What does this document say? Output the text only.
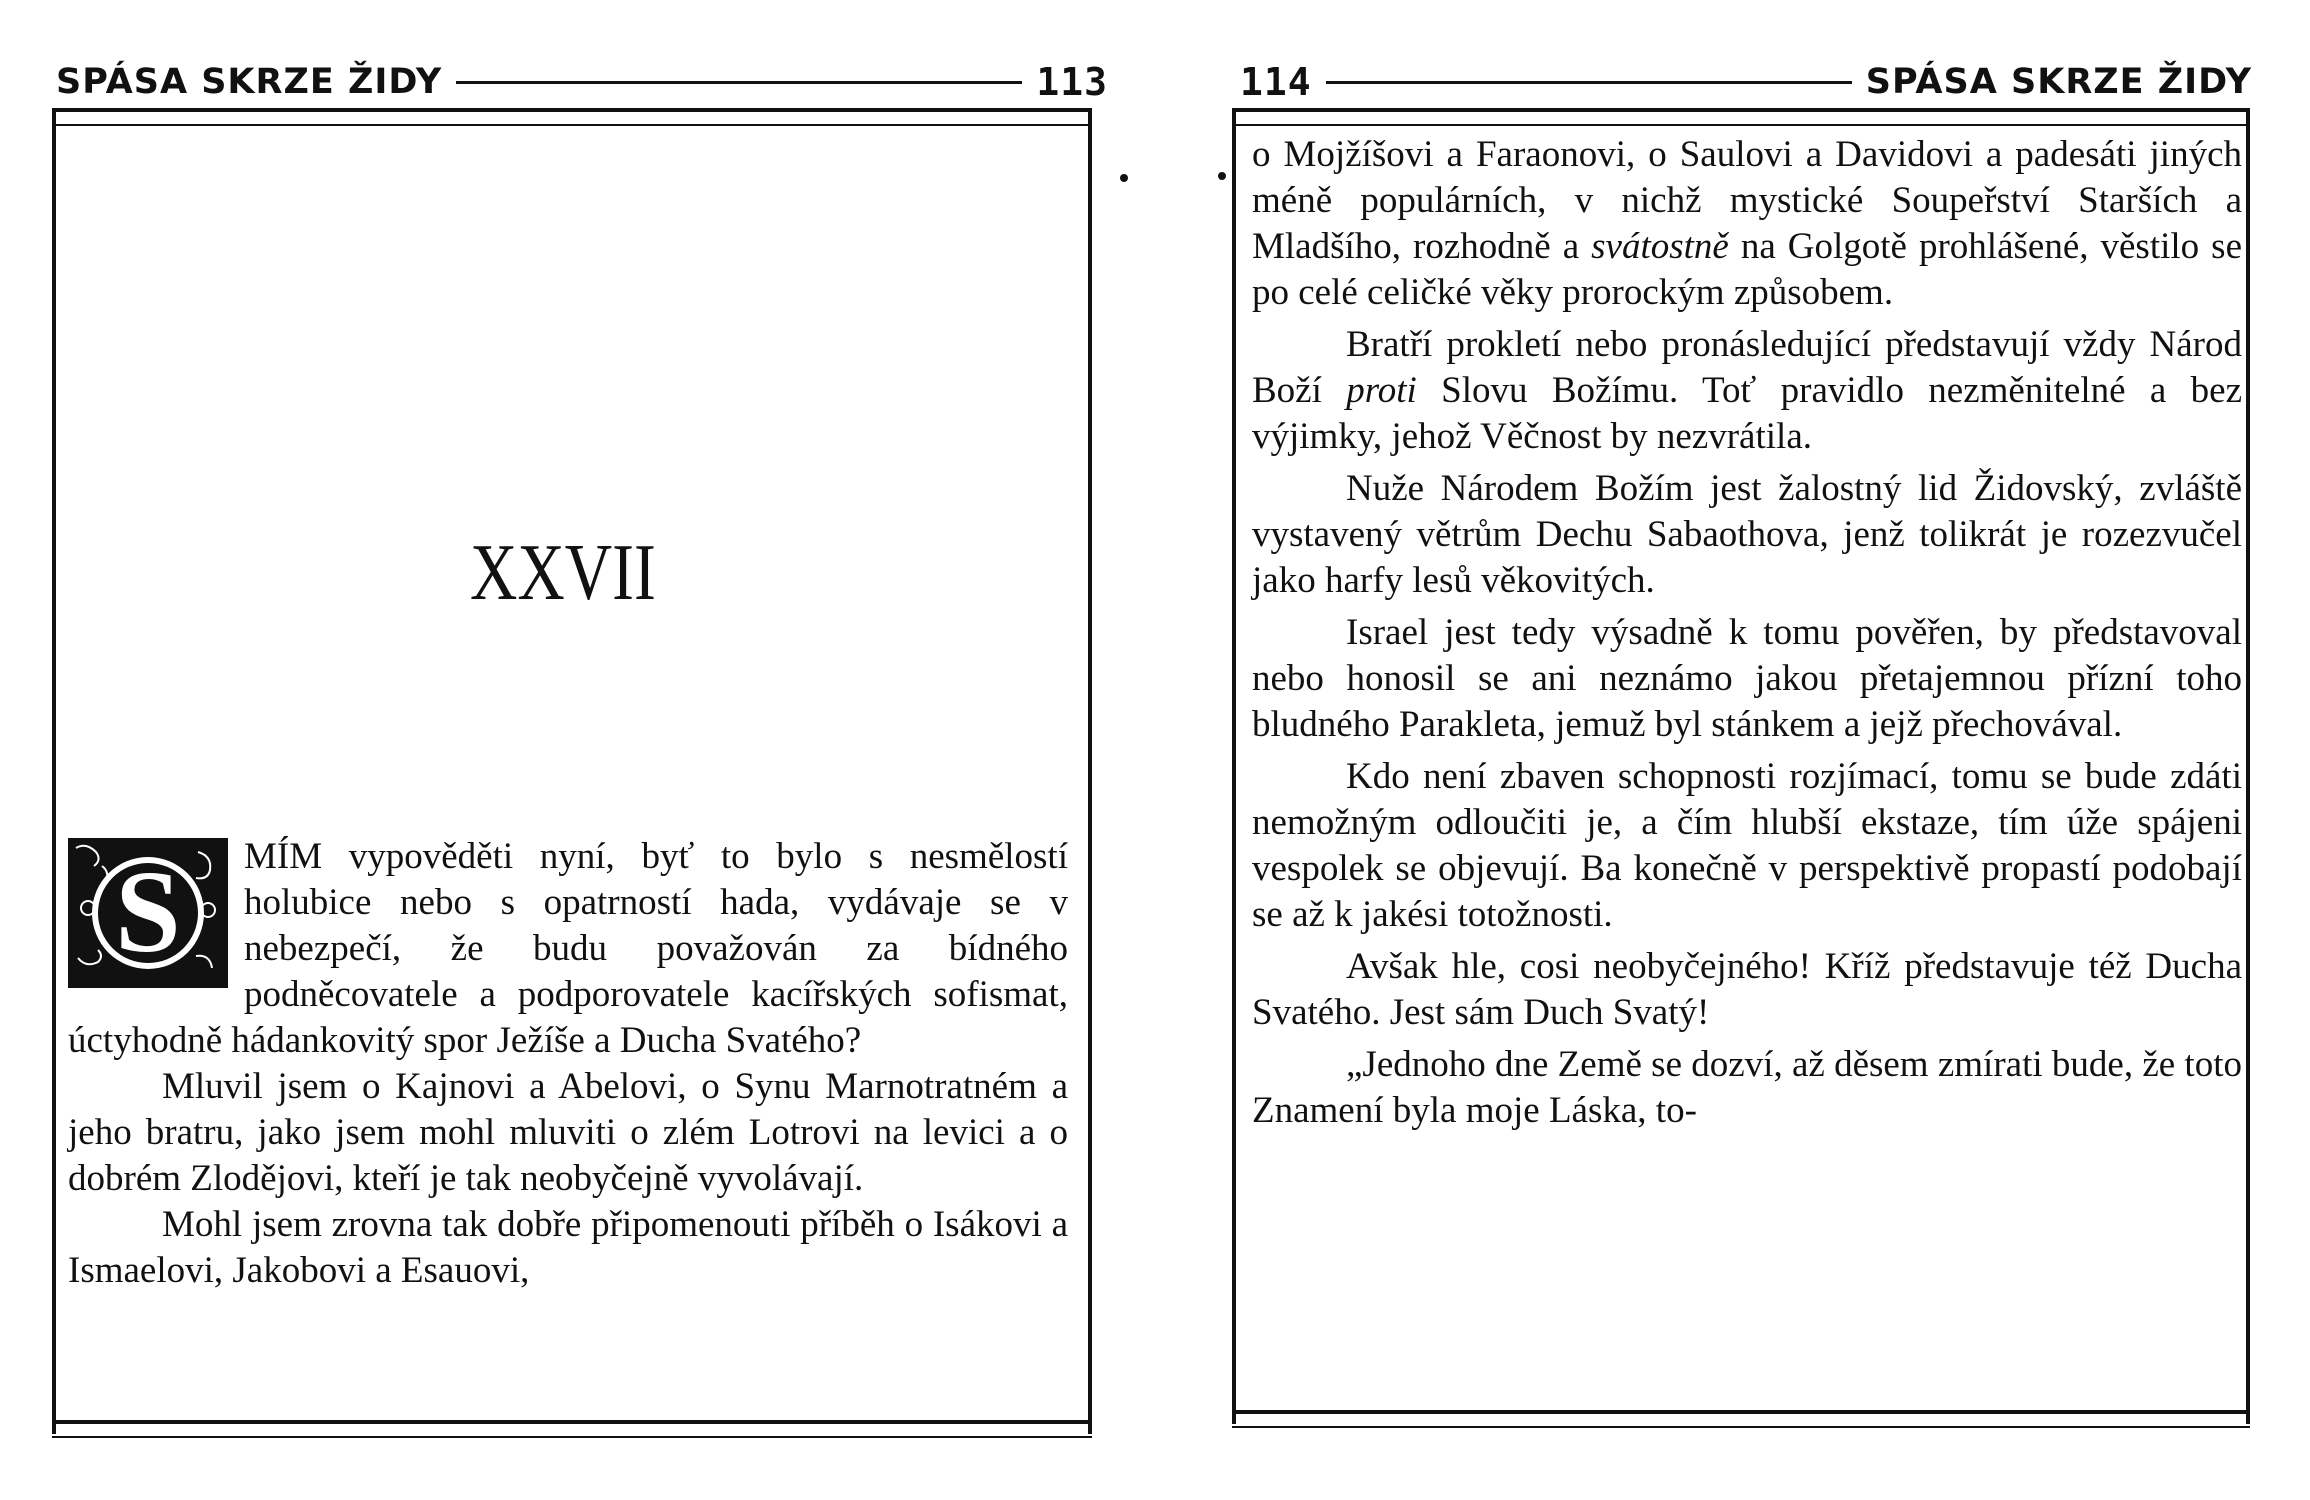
SPÁSA SKRZE ŽIDY	113
XXVII
S	MÍM vypověděti nyní, byť to bylo s nesmělostí holubice nebo s opatrností hada, vydávaje se v nebezpečí, že budu považován za bídného podněcovatele a podporovatele kacířských sofismat, úctyhodně hádankovitý spor Ježíše a Ducha Svatého?

Mluvil jsem o Kajnovi a Abelovi, o Synu Marnotratném a jeho bratru, jako jsem mohl mluviti o zlém Lotrovi na levici a o dobrém Zlodějovi, kteří je tak neobyčejně vyvolávají.

Mohl jsem zrovna tak dobře připomenouti příběh o Isákovi a Ismaelovi, Jakobovi a Esauovi,

114	SPÁSA SKRZE ŽIDY

o Mojžíšovi a Faraonovi, o Saulovi a Davidovi a padesáti jiných méně populárních, v nichž mystické Soupeřství Starších a Mladšího, rozhodně a svátostně na Golgotě prohlášené, věstilo se po celé celičké věky prorockým způsobem.

Bratří prokletí nebo pronásledující představují vždy Národ Boží proti Slovu Božímu. Toť pravidlo nezměnitelné a bez výjimky, jehož Věčnost by nezvrátila.

Nuže Národem Božím jest žalostný lid Židovský, zvláště vystavený větrům Dechu Sabaothova, jenž tolikrát je rozezvučel jako harfy lesů věkovitých.

Israel jest tedy výsadně k tomu pověřen, by představoval nebo honosil se ani neznámo jakou přetajemnou přízní toho bludného Parakleta, jemuž byl stánkem a jejž přechovával.

Kdo není zbaven schopnosti rozjímací, tomu se bude zdáti nemožným odloučiti je, a čím hlubší ekstaze, tím úže spájeni vespolek se objevují. Ba konečně v perspektivě propastí podobají se až k jakési totožnosti.

Avšak hle, cosi neobyčejného! Kříž představuje též Ducha Svatého. Jest sám Duch Svatý!

„Jednoho dne Země se dozví, až děsem zmírati bude, že toto Znamení byla moje Láska, to-
